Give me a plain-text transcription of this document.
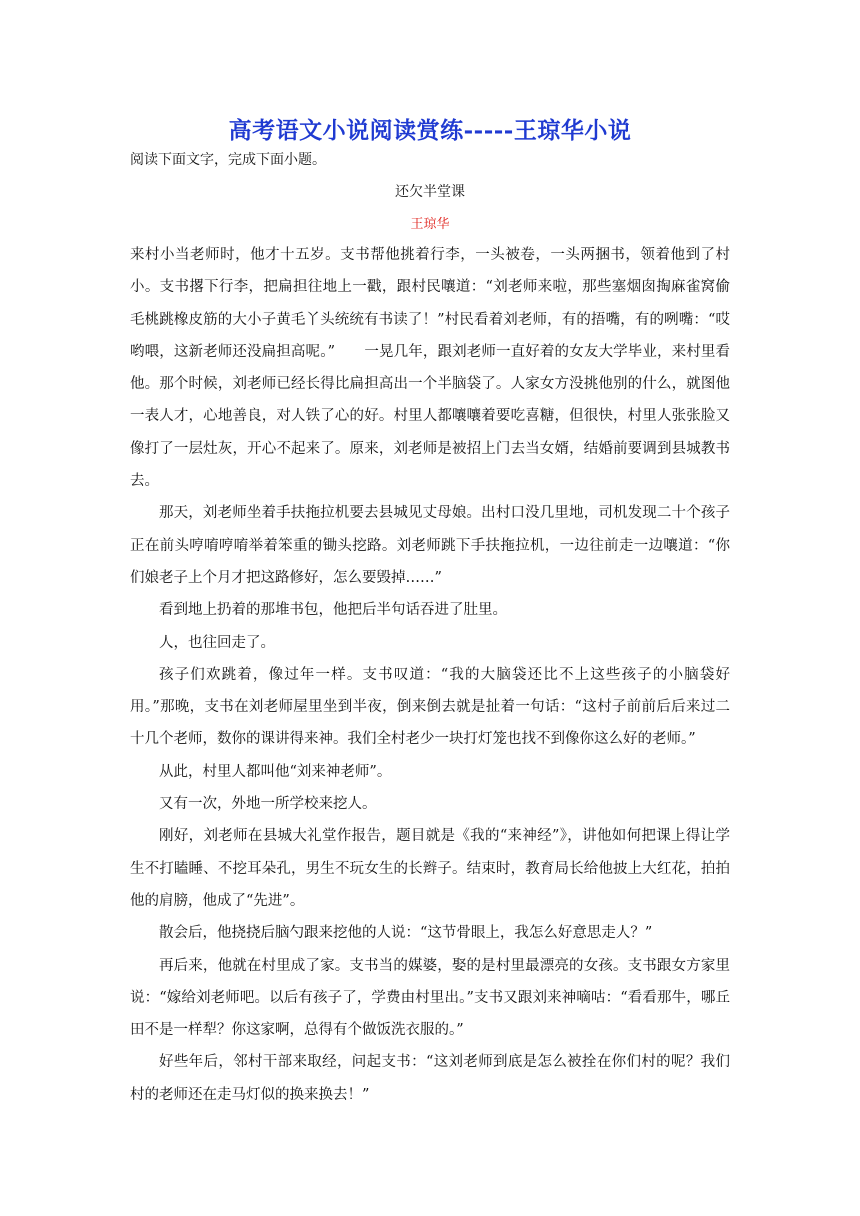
高考语文小说阅读赏练-----王琼华小说
阅读下面文字，完成下面小题。
还欠半堂课
王琼华

来村小当老师时，他才十五岁。支书帮他挑着行李，一头被卷，一头两捆书，领着他到了村小。支书撂下行李，把扁担往地上一戳，跟村民嚷道：“刘老师来啦，那些塞烟囱掏麻雀窝偷毛桃跳橡皮筋的大小子黄毛丫头统统有书读了！”村民看着刘老师，有的捂嘴，有的咧嘴：“哎哟喂，这新老师还没扁担高呢。”　　一晃几年，跟刘老师一直好着的女友大学毕业，来村里看他。那个时候，刘老师已经长得比扁担高出一个半脑袋了。人家女方没挑他别的什么，就图他一表人才，心地善良，对人铁了心的好。村里人都嚷嚷着要吃喜糖，但很快，村里人张张脸又像打了一层灶灰，开心不起来了。原来，刘老师是被招上门去当女婿，结婚前要调到县城教书去。

那天，刘老师坐着手扶拖拉机要去县城见丈母娘。出村口没几里地，司机发现二十个孩子正在前头哼唷哼唷举着笨重的锄头挖路。刘老师跳下手扶拖拉机，一边往前走一边嚷道：“你们娘老子上个月才把这路修好，怎么要毁掉……”

看到地上扔着的那堆书包，他把后半句话吞进了肚里。

人，也往回走了。

孩子们欢跳着，像过年一样。支书叹道：“我的大脑袋还比不上这些孩子的小脑袋好用。”那晚，支书在刘老师屋里坐到半夜，倒来倒去就是扯着一句话：“这村子前前后后来过二十几个老师，数你的课讲得来神。我们全村老少一块打灯笼也找不到像你这么好的老师。”

从此，村里人都叫他“刘来神老师”。

又有一次，外地一所学校来挖人。

刚好，刘老师在县城大礼堂作报告，题目就是《我的“来神经”》，讲他如何把课上得让学生不打瞌睡、不挖耳朵孔，男生不玩女生的长辫子。结束时，教育局长给他披上大红花，拍拍他的肩膀，他成了“先进”。

散会后，他挠挠后脑勺跟来挖他的人说：“这节骨眼上，我怎么好意思走人？”

再后来，他就在村里成了家。支书当的媒婆，娶的是村里最漂亮的女孩。支书跟女方家里说：“嫁给刘老师吧。以后有孩子了，学费由村里出。”支书又跟刘来神嘀咕：“看看那牛，哪丘田不是一样犁？你这家啊，总得有个做饭洗衣服的。”

好些年后，邻村干部来取经，问起支书：“这刘老师到底是怎么被拴在你们村的呢？我们村的老师还在走马灯似的换来换去！”
